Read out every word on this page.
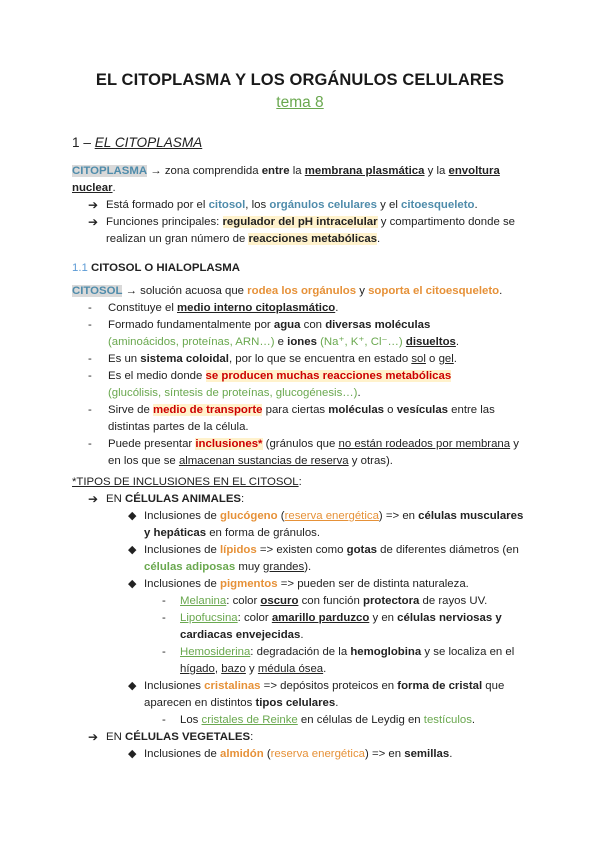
EL CITOPLASMA Y LOS ORGÁNULOS CELULARES
tema 8

1 – EL CITOPLASMA

CITOPLASMA → zona comprendida entre la membrana plasmática y la envoltura nuclear.

➔ Está formado por el citosol, los orgánulos celulares y el citoesqueleto.
➔ Funciones principales: regulador del pH intracelular y compartimento donde se realizan un gran número de reacciones metabólicas.

1.1 CITOSOL O HIALOPLASMA

CITOSOL → solución acuosa que rodea los orgánulos y soporta el citoesqueleto.

- Constituye el medio interno citoplasmático.
- Formado fundamentalmente por agua con diversas moléculas
(aminoácidos, proteínas, ARN…) e iones (Na⁺, K⁺, Cl⁻…) disueltos.
- Es un sistema coloidal, por lo que se encuentra en estado sol o gel.
- Es el medio donde se producen muchas reacciones metabólicas
(glucólisis, síntesis de proteínas, glucogénesis…).
- Sirve de medio de transporte para ciertas moléculas o vesículas entre las distintas partes de la célula.
- Puede presentar inclusiones* (gránulos que no están rodeados por membrana y en los que se almacenan sustancias de reserva y otras).

*TIPOS DE INCLUSIONES EN EL CITOSOL:

➔ EN CÉLULAS ANIMALES:
◆ Inclusiones de glucógeno (reserva energética) => en células musculares y hepáticas en forma de gránulos.
◆ Inclusiones de lípidos => existen como gotas de diferentes diámetros (en células adiposas muy grandes).
◆ Inclusiones de pigmentos => pueden ser de distinta naturaleza.
- Melanina: color oscuro con función protectora de rayos UV.
- Lipofucsina: color amarillo parduzco y en células nerviosas y cardiacas envejecidas.
- Hemosiderina: degradación de la hemoglobina y se localiza en el hígado, bazo y médula ósea.
◆ Inclusiones cristalinas => depósitos proteicos en forma de cristal que aparecen en distintos tipos celulares.
- Los cristales de Reinke en células de Leydig en testículos.
➔ EN CÉLULAS VEGETALES:
◆ Inclusiones de almidón (reserva energética) => en semillas.
